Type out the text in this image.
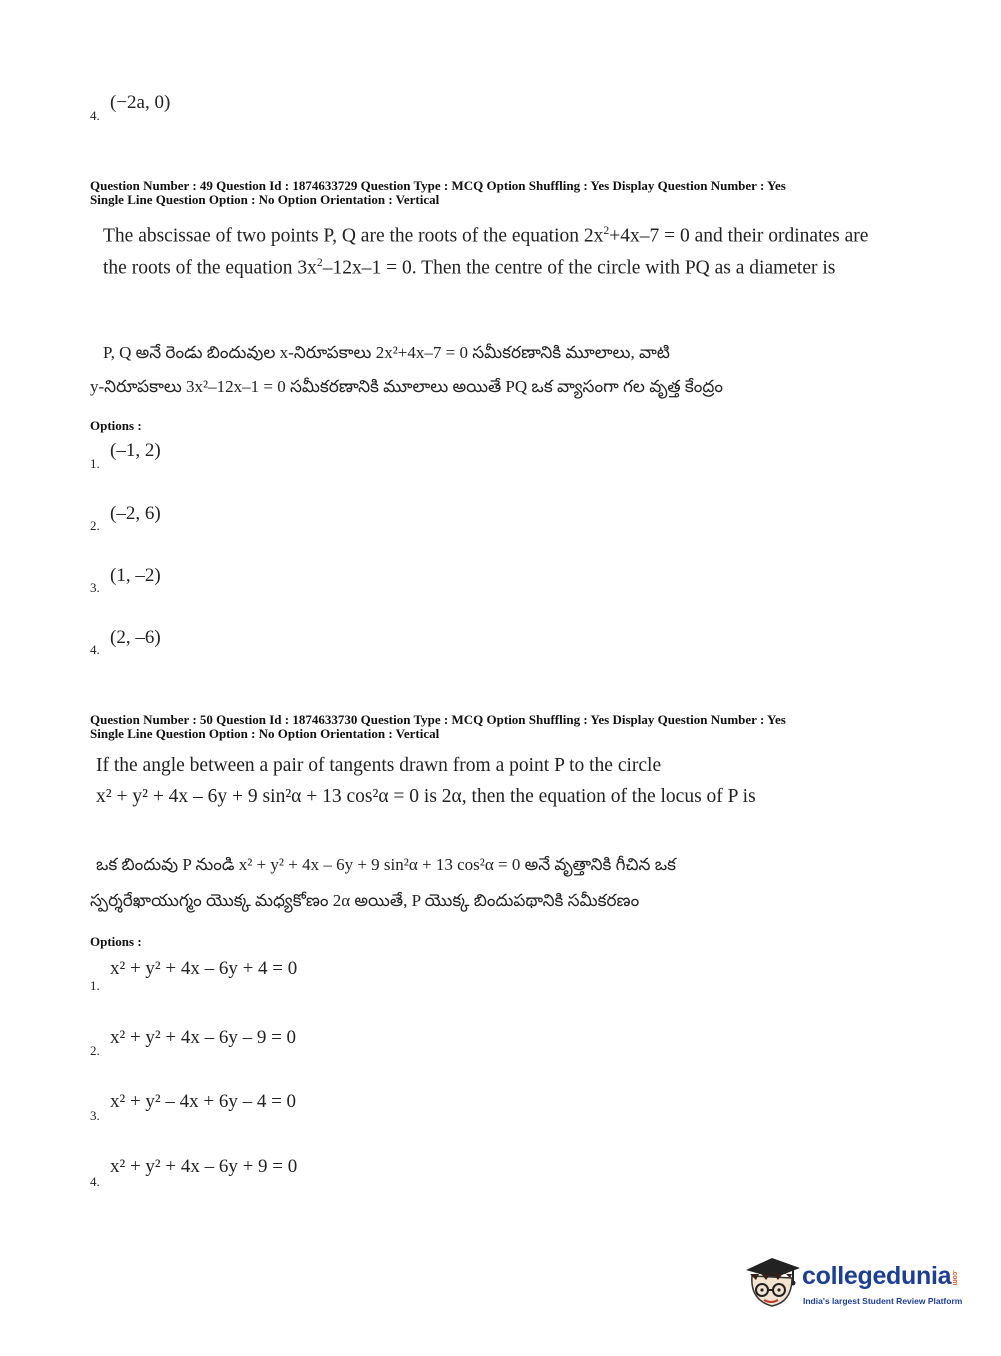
4.
(−2a, 0)
Question Number : 49 Question Id : 1874633729 Question Type : MCQ Option Shuffling : Yes Display Question Number : Yes
Single Line Question Option : No Option Orientation : Vertical
The abscissae of two points P, Q are the roots of the equation $2x^2+4x-7 = 0$ and their ordinates are the roots of the equation $3x^2-12x-1 = 0$. Then the centre of the circle with PQ as a diameter is
P, Q అనే రెండు బిందువుల x-నిరూపకాలు 2x²+4x–7 = 0 సమీకరణానికి మూలాలు, వాటి
y-నిరూపకాలు 3x²–12x–1 = 0 సమీకరణానికి మూలాలు అయితే PQ ఒక వ్యాసంగా గల వృత్త కేంద్రం
Options :
1.
(–1, 2)
2.
(–2, 6)
3.
(1, –2)
4.
(2, –6)
Question Number : 50 Question Id : 1874633730 Question Type : MCQ Option Shuffling : Yes Display Question Number : Yes
Single Line Question Option : No Option Orientation : Vertical
If the angle between a pair of tangents drawn from a point P to the circle
x² + y² + 4x – 6y + 9 sin²α + 13 cos²α = 0 is 2α, then the equation of the locus of P is
ఒక బిందువు P నుండి x² + y² + 4x – 6y + 9 sin²α + 13 cos²α = 0 అనే వృత్తానికి గీచిన ఒక
స్పర్శరేఖాయుగ్మం యొక్క మధ్యకోణం 2α అయితే, P యొక్క బిందుపథానికి సమీకరణం
Options :
1.
x² + y² + 4x – 6y + 4 = 0
2.
x² + y² + 4x – 6y – 9 = 0
3.
x² + y² – 4x + 6y – 4 = 0
4.
x² + y² + 4x – 6y + 9 = 0
collegedunia.com
India's largest Student Review Platform
